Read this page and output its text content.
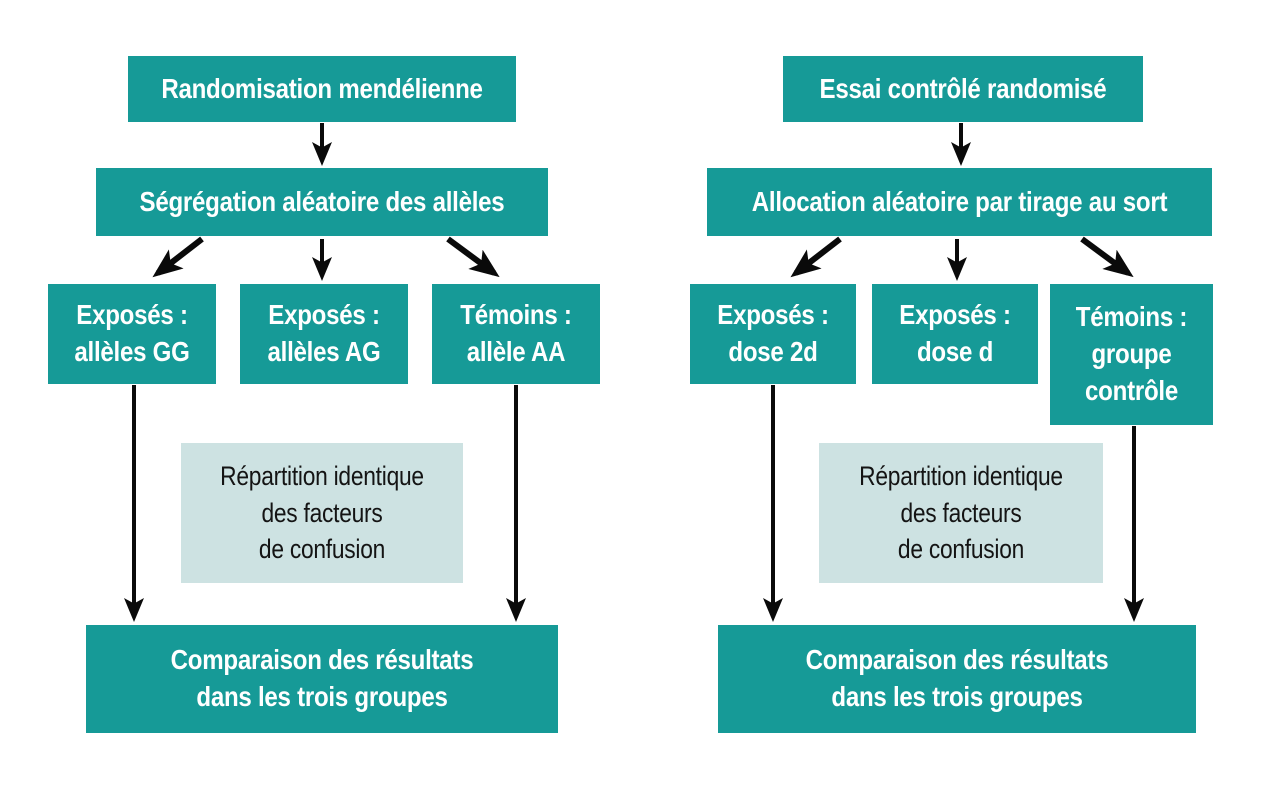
Randomisation mendélienne
Ségrégation aléatoire des allèles
Exposés :
allèles GG
Exposés :
allèles AG
Témoins :
allèle AA
Répartition identique
des facteurs
de confusion
Comparaison des résultats
dans les trois groupes
Essai contrôlé randomisé
Allocation aléatoire par tirage au sort
Exposés :
dose 2d
Exposés :
dose d
Témoins :
groupe
contrôle
Répartition identique
des facteurs
de confusion
Comparaison des résultats
dans les trois groupes
